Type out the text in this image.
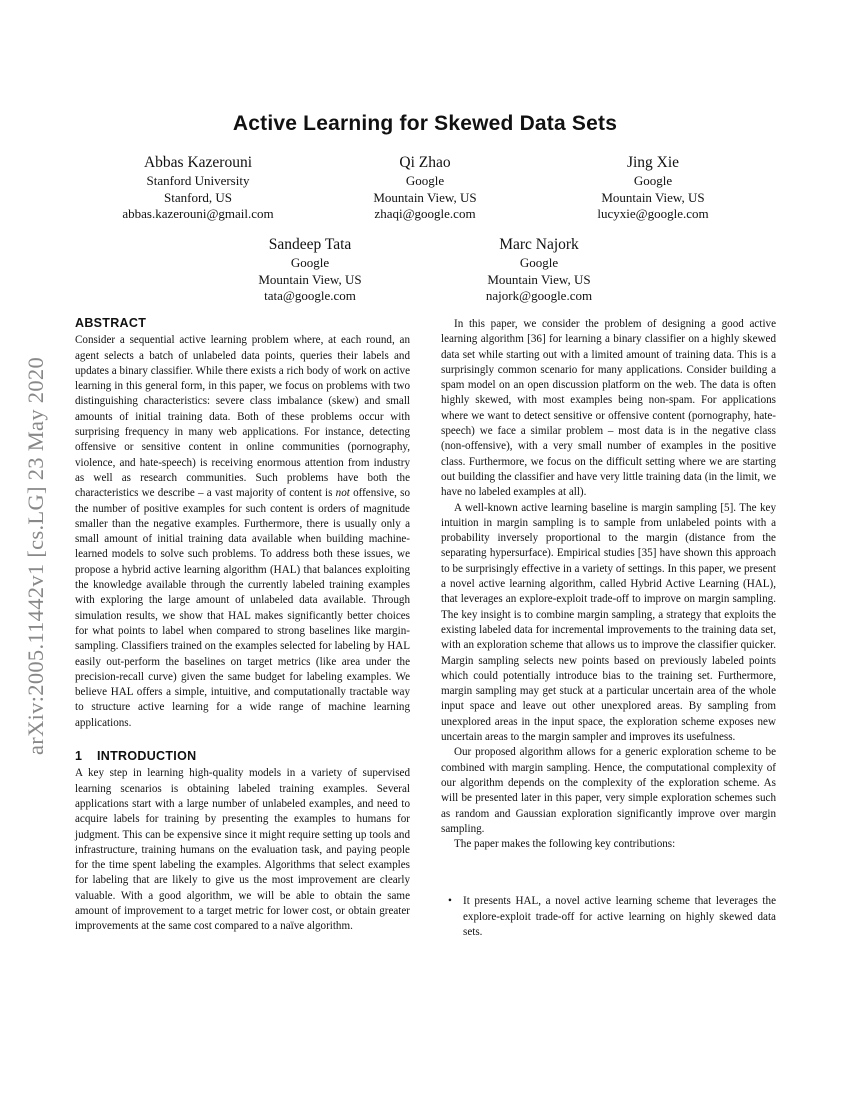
arXiv:2005.11442v1 [cs.LG] 23 May 2020
Active Learning for Skewed Data Sets
Abbas Kazerouni
Stanford University
Stanford, US
abbas.kazerouni@gmail.com
Qi Zhao
Google
Mountain View, US
zhaqi@google.com
Jing Xie
Google
Mountain View, US
lucyxie@google.com
Sandeep Tata
Google
Mountain View, US
tata@google.com
Marc Najork
Google
Mountain View, US
najork@google.com
ABSTRACT

Consider a sequential active learning problem where, at each round, an agent selects a batch of unlabeled data points, queries their labels and updates a binary classifier. While there exists a rich body of work on active learning in this general form, in this paper, we focus on problems with two distinguishing characteristics: severe class imbalance (skew) and small amounts of initial training data. Both of these problems occur with surprising frequency in many web applications. For instance, detecting offensive or sensitive content in online communities (pornography, violence, and hate-speech) is receiving enormous attention from industry as well as research communities. Such problems have both the characteristics we describe – a vast majority of content is not offensive, so the number of positive examples for such content is orders of magnitude smaller than the negative examples. Furthermore, there is usually only a small amount of initial training data available when building machine-learned models to solve such problems. To address both these issues, we propose a hybrid active learning algorithm (HAL) that balances exploiting the knowledge available through the currently labeled training examples with exploring the large amount of unlabeled data available. Through simulation results, we show that HAL makes significantly better choices for what points to label when compared to strong baselines like margin-sampling. Classifiers trained on the examples selected for labeling by HAL easily out-perform the baselines on target metrics (like area under the precision-recall curve) given the same budget for labeling examples. We believe HAL offers a simple, intuitive, and computationally tractable way to structure active learning for a wide range of machine learning applications.

1 INTRODUCTION

A key step in learning high-quality models in a variety of supervised learning scenarios is obtaining labeled training examples. Several applications start with a large number of unlabeled examples, and need to acquire labels for training by presenting the examples to humans for judgment. This can be expensive since it might require setting up tools and infrastructure, training humans on the evaluation task, and paying people for the time spent labeling the examples. Algorithms that select examples for labeling that are likely to give us the most improvement are clearly valuable. With a good algorithm, we will be able to obtain the same amount of improvement to a target metric for lower cost, or obtain greater improvements at the same cost compared to a naïve algorithm.

In this paper, we consider the problem of designing a good active learning algorithm [36] for learning a binary classifier on a highly skewed data set while starting out with a limited amount of training data. This is a surprisingly common scenario for many applications. Consider building a spam model on an open discussion platform on the web. The data is often highly skewed, with most examples being non-spam. For applications where we want to detect sensitive or offensive content (pornography, hate-speech) we face a similar problem – most data is in the negative class (non-offensive), with a very small number of examples in the positive class. Furthermore, we focus on the difficult setting where we are starting out building the classifier and have very little training data (in the limit, we have no labeled examples at all).

A well-known active learning baseline is margin sampling [5]. The key intuition in margin sampling is to sample from unlabeled points with a probability inversely proportional to the margin (distance from the separating hypersurface). Empirical studies [35] have shown this approach to be surprisingly effective in a variety of settings. In this paper, we present a novel active learning algorithm, called Hybrid Active Learning (HAL), that leverages an explore-exploit trade-off to improve on margin sampling. The key insight is to combine margin sampling, a strategy that exploits the existing labeled data for incremental improvements to the training data set, with an exploration scheme that allows us to improve the classifier quicker. Margin sampling selects new points based on previously labeled points which could potentially introduce bias to the training set. Furthermore, margin sampling may get stuck at a particular uncertain area of the whole input space and leave out other unexplored areas. By sampling from unexplored areas in the input space, the exploration scheme exposes new uncertain areas to the margin sampler and improves its usefulness.

Our proposed algorithm allows for a generic exploration scheme to be combined with margin sampling. Hence, the computational complexity of our algorithm depends on the complexity of the exploration scheme. As will be presented later in this paper, very simple exploration schemes such as random and Gaussian exploration significantly improve over margin sampling.

The paper makes the following key contributions:

• It presents HAL, a novel active learning scheme that leverages the explore-exploit trade-off for active learning on highly skewed data sets.
